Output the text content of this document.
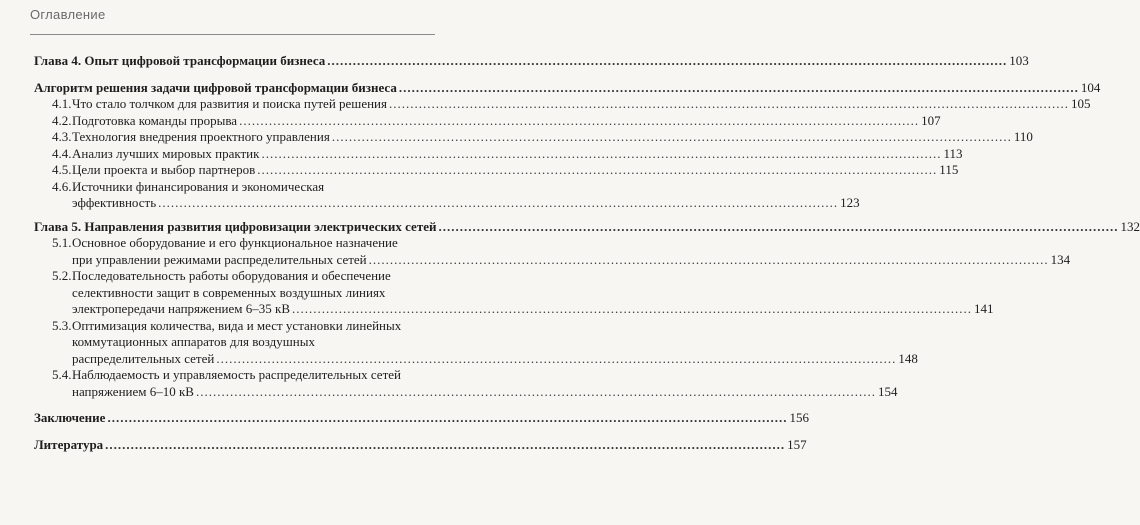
Оглавление
Глава 4. Опыт цифровой трансформации бизнеса .....	103
Алгоритм решения задачи цифровой трансформации бизнеса .....	104
4.1. Что стало толчком для развития и поиска путей решения .....	105
4.2. Подготовка команды прорыва .....	107
4.3. Технология внедрения проектного управления .....	110
4.4. Анализ лучших мировых практик .....	113
4.5. Цели проекта и выбор партнеров .....	115
4.6. Источники финансирования и экономическая
эффективность .....	123
Глава 5. Направления развития цифровизации электрических сетей .....	132
5.1. Основное оборудование и его функциональное назначение
при управлении режимами распределительных сетей .....	134
5.2. Последовательность работы оборудования и обеспечение
селективности защит в современных воздушных линиях
электропередачи напряжением 6–35 кВ .....	141
5.3. Оптимизация количества, вида и мест установки линейных
коммутационных аппаратов для воздушных
распределительных сетей .....	148
5.4. Наблюдаемость и управляемость распределительных сетей
напряжением 6–10 кВ .....	154
Заключение .....	156
Литература .....	157
